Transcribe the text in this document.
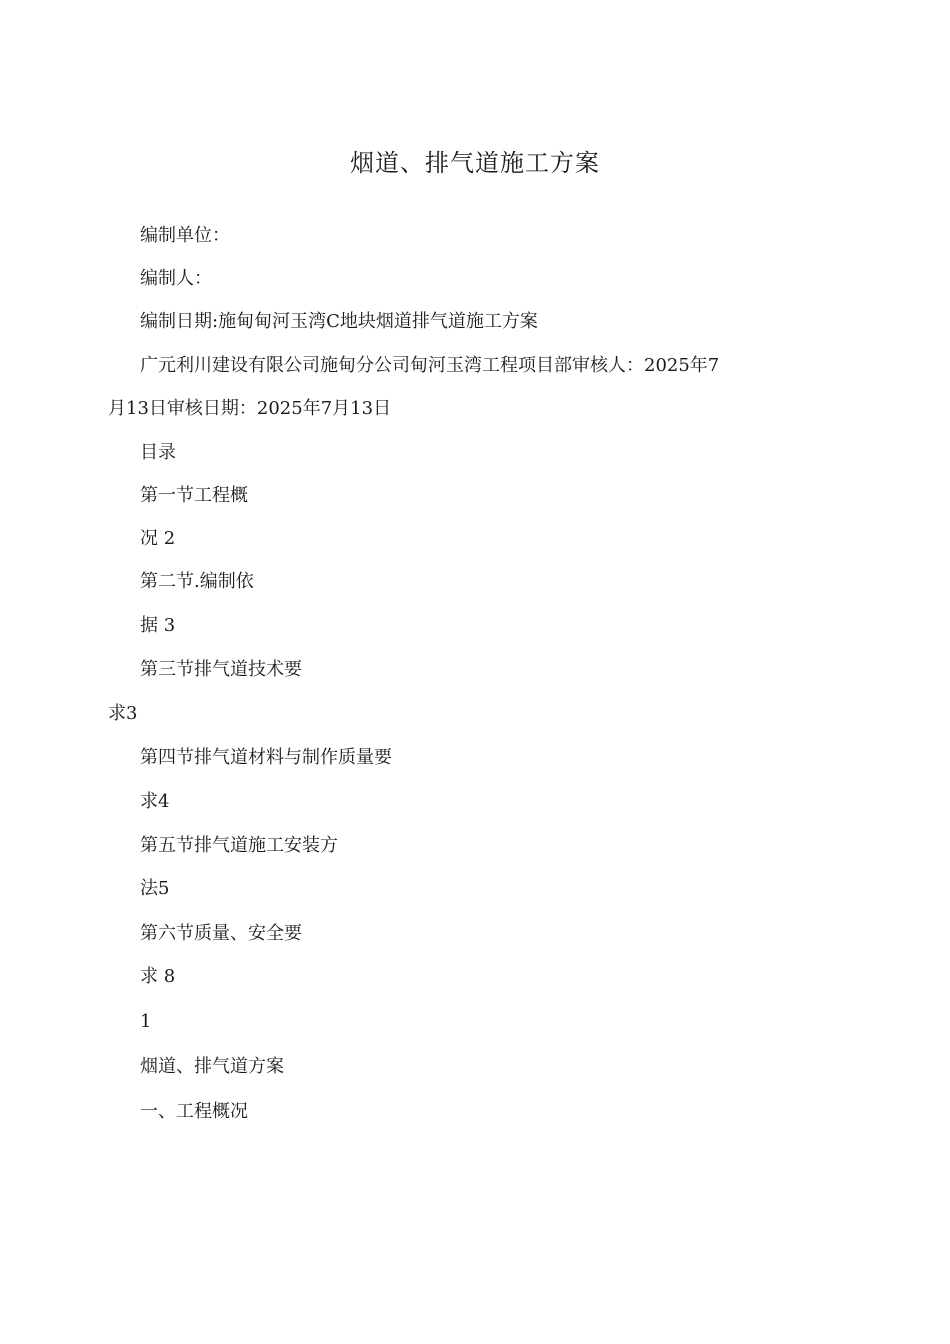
烟道、排气道施工方案
编制单位：
编制人：
编制日期:施甸甸河玉湾C地块烟道排气道施工方案
广元利川建设有限公司施甸分公司甸河玉湾工程项目部审核人：2025年7
月13日审核日期：2025年7月13日
目录
第一节工程概
况 2
第二节.编制依
据 3
第三节排气道技术要
求3
第四节排气道材料与制作质量要
求4
第五节排气道施工安装方
法5
第六节质量、安全要
求 8
1
烟道、排气道方案
一、工程概况
